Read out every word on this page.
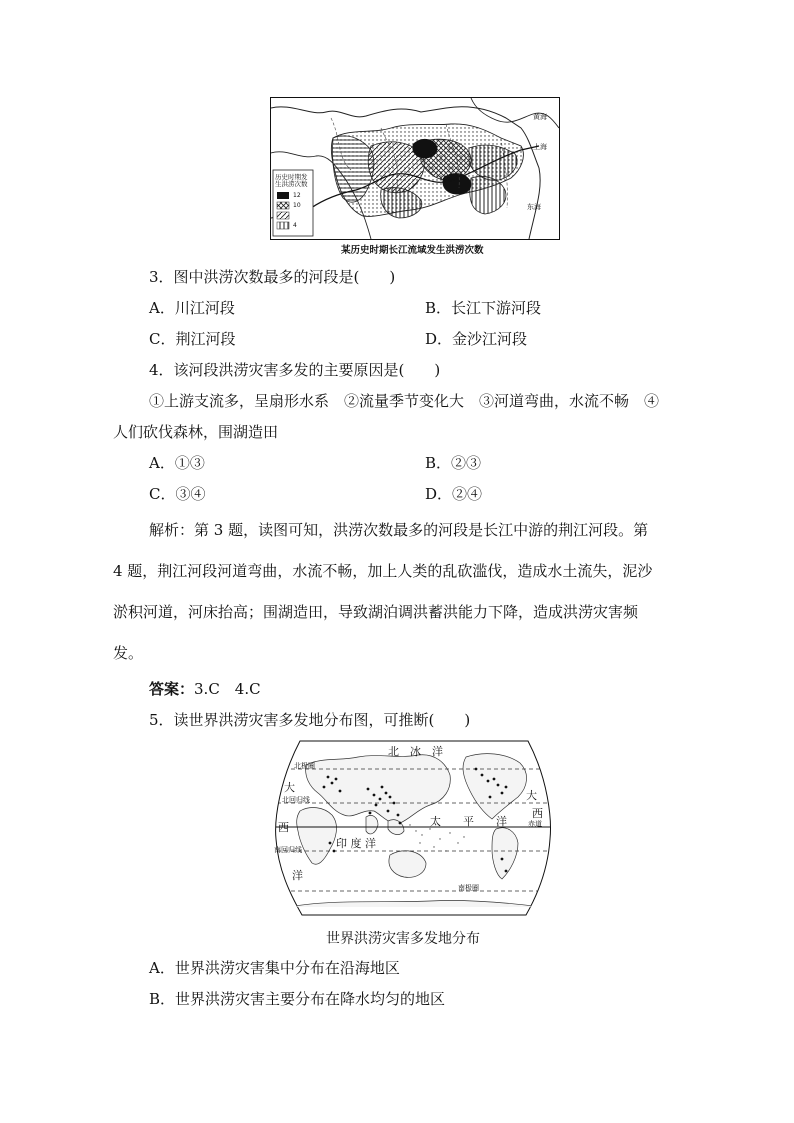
历史时期发生洪涝次数
12
10
4
黄海
上海
东海
某历史时期长江流域发生洪涝次数
3．图中洪涝次数最多的河段是(　　)
A．川江河段	B．长江下游河段
C．荆江河段	D．金沙江河段
4．该河段洪涝灾害多发的主要原因是(　　)
①上游支流多，呈扇形水系　②流量季节变化大　③河道弯曲，水流不畅　④
人们砍伐森林，围湖造田
A．①③	B．②③
C．③④	D．②④
解析：第 3 题，读图可知，洪涝次数最多的河段是长江中游的荆江河段。第
4 题，荆江河段河道弯曲，水流不畅，加上人类的乱砍滥伐，造成水土流失，泥沙
淤积河道，河床抬高；围湖造田，导致湖泊调洪蓄洪能力下降，造成洪涝灾害频
发。
答案：3.C　4.C
5．读世界洪涝灾害多发地分布图，可推断(　　)
北极圈
北　冰　洋
大
北回归线
西
南回归线
洋
太　　平　　洋
印 度 洋
大
西
赤道
南极圈
世界洪涝灾害多发地分布
A．世界洪涝灾害集中分布在沿海地区
B．世界洪涝灾害主要分布在降水均匀的地区
